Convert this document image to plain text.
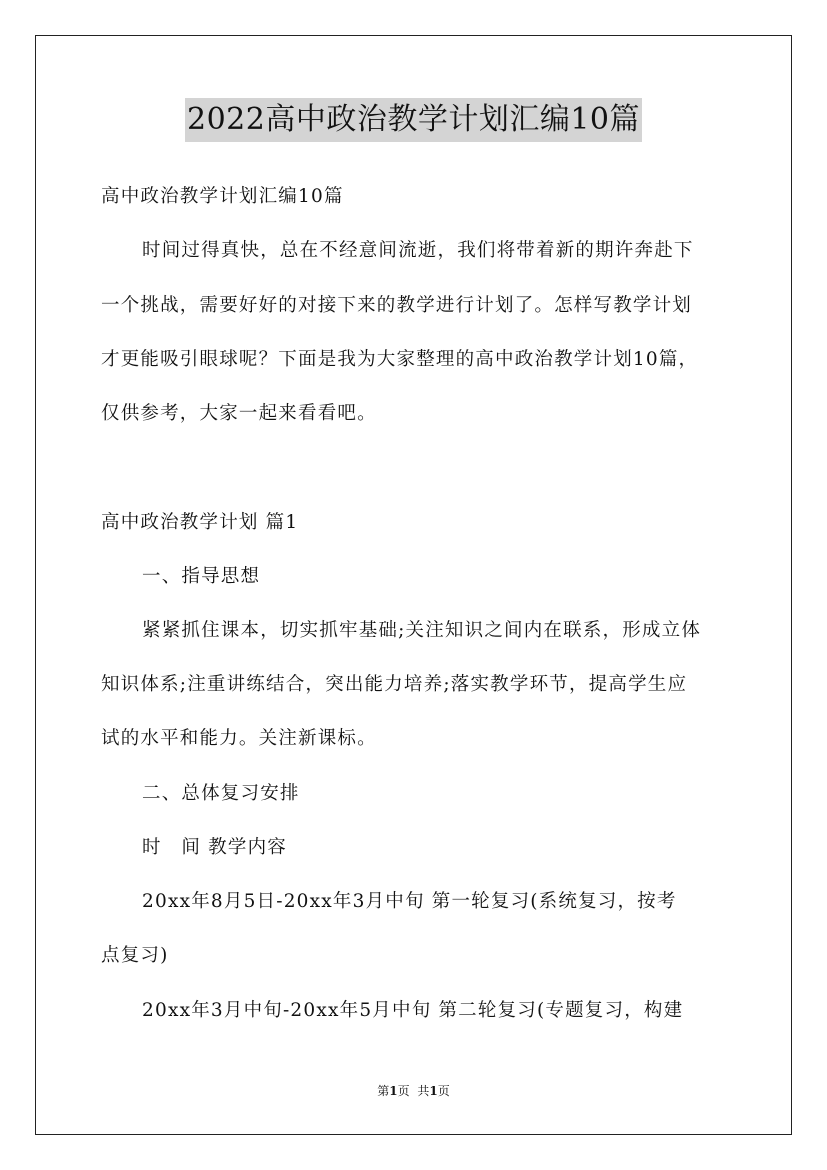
2022高中政治教学计划汇编10篇
高中政治教学计划汇编10篇
时间过得真快，总在不经意间流逝，我们将带着新的期许奔赴下
一个挑战，需要好好的对接下来的教学进行计划了。怎样写教学计划
才更能吸引眼球呢？下面是我为大家整理的高中政治教学计划10篇，
仅供参考，大家一起来看看吧。
高中政治教学计划 篇1
一、指导思想
紧紧抓住课本，切实抓牢基础;关注知识之间内在联系，形成立体
知识体系;注重讲练结合，突出能力培养;落实教学环节，提高学生应
试的水平和能力。关注新课标。
二、总体复习安排
时　间 教学内容
20xx年8月5日-20xx年3月中旬 第一轮复习(系统复习，按考
点复习)
20xx年3月中旬-20xx年5月中旬 第二轮复习(专题复习，构建
第1页 共1页
